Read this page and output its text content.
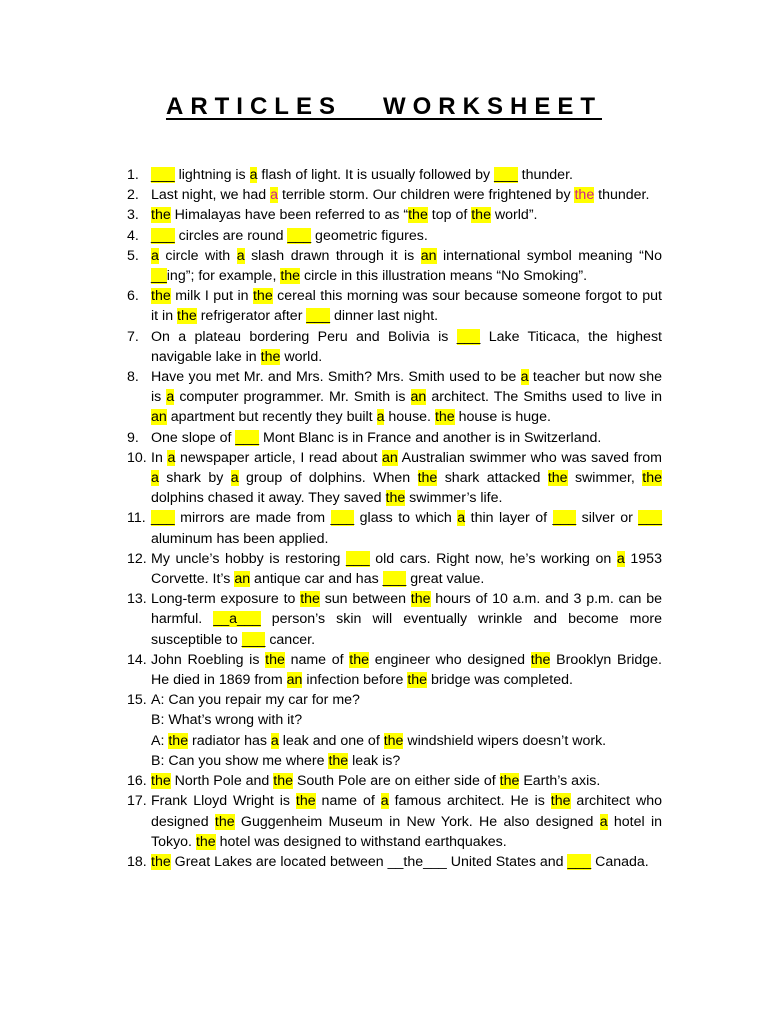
ARTICLES   WORKSHEET
1. ___ lightning is a flash of light. It is usually followed by ___ thunder.
2. Last night, we had a terrible storm. Our children were frightened by the thunder.
3. the Himalayas have been referred to as “the top of the world”.
4. ___ circles are round ___ geometric figures.
5. a circle with a slash drawn through it is an international symbol meaning “No __ing”; for example, the circle in this illustration means “No Smoking”.
6. the milk I put in the cereal this morning was sour because someone forgot to put it in the refrigerator after ___ dinner last night.
7. On a plateau bordering Peru and Bolivia is ___ Lake Titicaca, the highest navigable lake in the world.
8. Have you met Mr. and Mrs. Smith? Mrs. Smith used to be a teacher but now she is a computer programmer. Mr. Smith is an architect. The Smiths used to live in an apartment but recently they built a house. the house is huge.
9. One slope of ___ Mont Blanc is in France and another is in Switzerland.
10. In a newspaper article, I read about an Australian swimmer who was saved from a shark by a group of dolphins. When the shark attacked the swimmer, the dolphins chased it away. They saved the swimmer’s life.
11. ___ mirrors are made from ___ glass to which a thin layer of ___ silver or ___ aluminum has been applied.
12. My uncle’s hobby is restoring ___ old cars. Right now, he’s working on a 1953 Corvette. It’s an antique car and has ___ great value.
13. Long-term exposure to the sun between the hours of 10 a.m. and 3 p.m. can be harmful. __a___ person’s skin will eventually wrinkle and become more susceptible to ___ cancer.
14. John Roebling is the name of the engineer who designed the Brooklyn Bridge. He died in 1869 from an infection before the bridge was completed.
15. A: Can you repair my car for me?
B: What’s wrong with it?
A: the radiator has a leak and one of the windshield wipers doesn’t work.
B: Can you show me where the leak is?
16. the North Pole and the South Pole are on either side of the Earth’s axis.
17. Frank Lloyd Wright is the name of a famous architect. He is the architect who designed the Guggenheim Museum in New York. He also designed a hotel in Tokyo. the hotel was designed to withstand earthquakes.
18. the Great Lakes are located between __the___ United States and ___ Canada.
